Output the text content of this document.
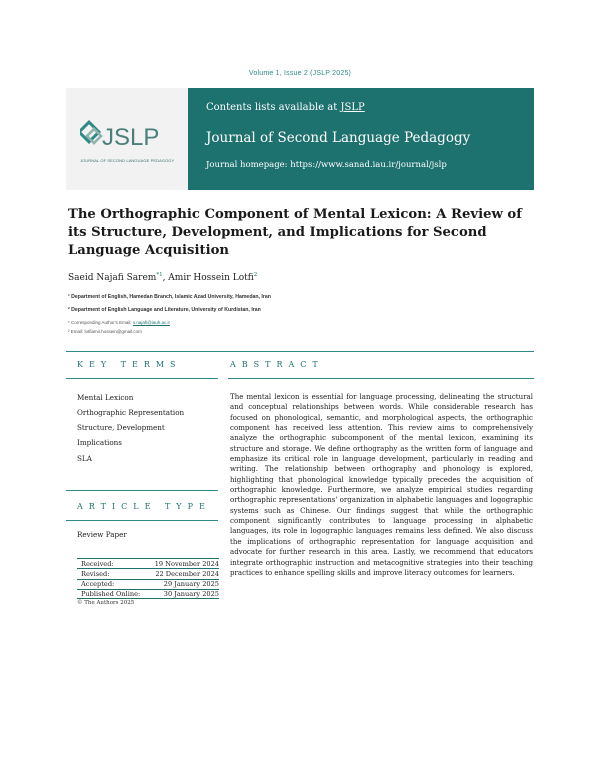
Volume 1, Issue 2 (JSLP 2025)
JSLP
JOURNAL OF SECOND LANGUAGE PEDAGOGY
Contents lists available at JSLP
Journal of Second Language Pedagogy
Journal homepage: https://www.sanad.iau.ir/journal/jslp
The Orthographic Component of Mental Lexicon: A Review of its Structure, Development, and Implications for Second Language Acquisition
Saeid Najafi Sarem$^{*1}$, Amir Hossein Lotfi$^2$
¹ Department of English, Hamedan Branch, Islamic Azad University, Hamedan, Iran
² Department of English Language and Literature, University of Kurdistan, Iran
* Corresponding Author's Email: s.najafi@iauh.ac.ir
² Email: lotfiamir.hossein@gmail.com
KEY TERMS	ABSTRACT
Mental Lexicon
Orthographic Representation
Structure, Development
Implications
SLA
ARTICLE TYPE
Review Paper
Received:	19 November 2024
Revised:	22 December 2024
Accepted:	29 January 2025
Published Online:	30 January 2025
© The Authors 2025
The mental lexicon is essential for language processing, delineating the structural and conceptual relationships between words. While considerable research has focused on phonological, semantic, and morphological aspects, the orthographic component has received less attention. This review aims to comprehensively analyze the orthographic subcomponent of the mental lexicon, examining its structure and storage. We define orthography as the written form of language and emphasize its critical role in language development, particularly in reading and writing. The relationship between orthography and phonology is explored, highlighting that phonological knowledge typically precedes the acquisition of orthographic knowledge. Furthermore, we analyze empirical studies regarding orthographic representations' organization in alphabetic languages and logographic systems such as Chinese. Our findings suggest that while the orthographic component significantly contributes to language processing in alphabetic languages, its role in logographic languages remains less defined. We also discuss the implications of orthographic representation for language acquisition and advocate for further research in this area. Lastly, we recommend that educators integrate orthographic instruction and metacognitive strategies into their teaching practices to enhance spelling skills and improve literacy outcomes for learners.
